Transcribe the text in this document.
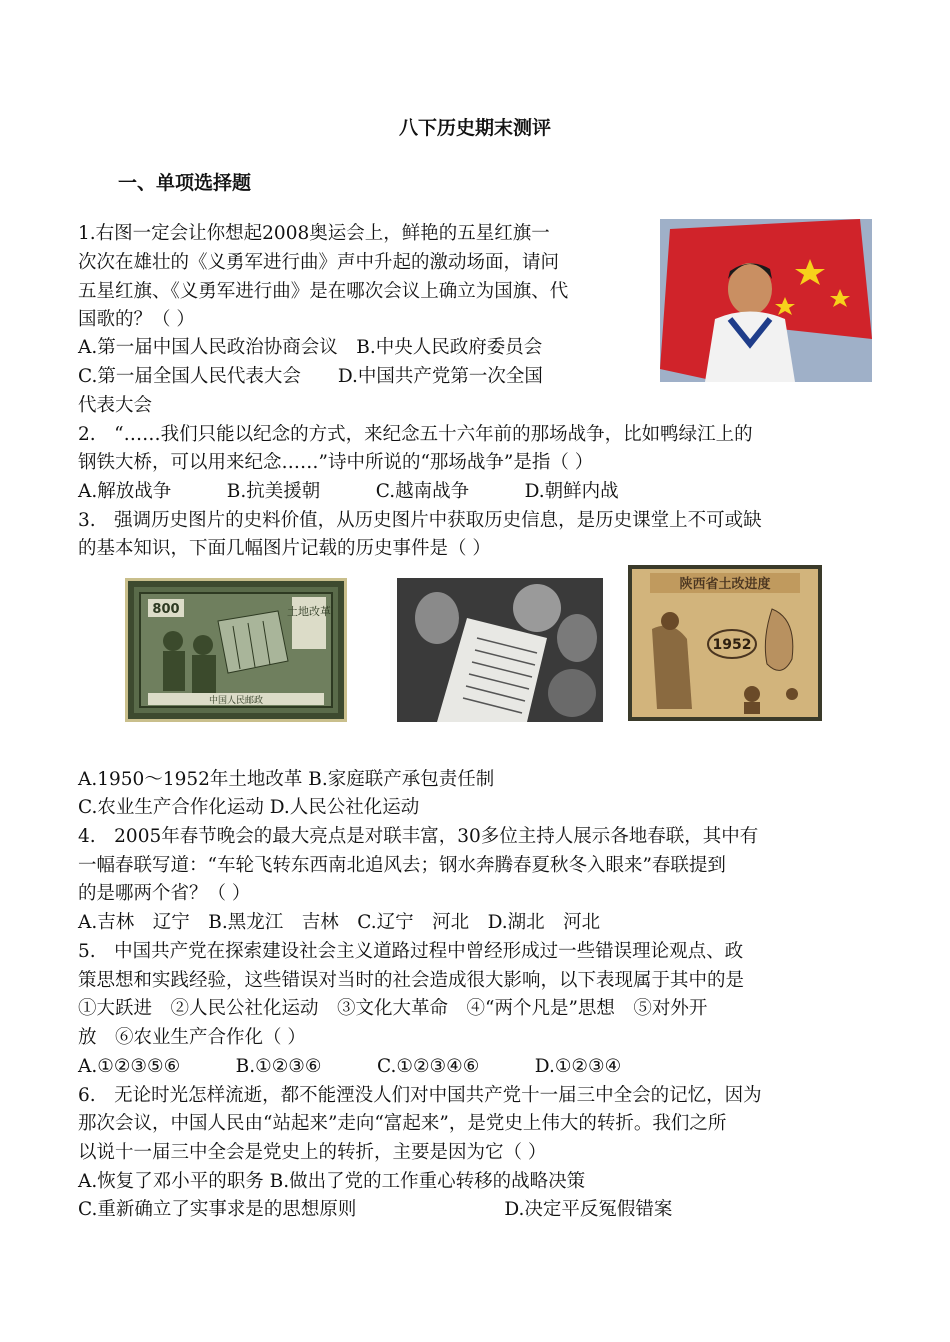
八下历史期末测评
一、单项选择题
1.右图一定会让你想起2008奥运会上，鲜艳的五星红旗一
次次在雄壮的《义勇军进行曲》声中升起的激动场面，请问
五星红旗、《义勇军进行曲》是在哪次会议上确立为国旗、代
国歌的？（ ）
A.第一届中国人民政治协商会议　B.中央人民政府委员会
C.第一届全国人民代表大会　　D.中国共产党第一次全国
代表大会
2.　“……我们只能以纪念的方式，来纪念五十六年前的那场战争，比如鸭绿江上的
钢铁大桥，可以用来纪念……”诗中所说的“那场战争”是指（ ）
A.解放战争　　　B.抗美援朝　　　C.越南战争　　　D.朝鲜内战
3.　强调历史图片的史料价值，从历史图片中获取历史信息，是历史课堂上不可或缺
的基本知识，下面几幅图片记载的历史事件是（ ）
800	土地改革
中国人民邮政
陕西省土改进度
1952
A.1950～1952年土地改革 B.家庭联产承包责任制
C.农业生产合作化运动 D.人民公社化运动
4.　2005年春节晚会的最大亮点是对联丰富，30多位主持人展示各地春联，其中有
一幅春联写道：“车轮飞转东西南北追风去；钢水奔腾春夏秋冬入眼来”春联提到
的是哪两个省？（ ）
A.吉林　辽宁　B.黑龙江　吉林　C.辽宁　河北　D.湖北　河北
5.　中国共产党在探索建设社会主义道路过程中曾经形成过一些错误理论观点、政
策思想和实践经验，这些错误对当时的社会造成很大影响，以下表现属于其中的是
①大跃进　②人民公社化运动　③文化大革命　④“两个凡是”思想　⑤对外开
放　⑥农业生产合作化（ ）
A.①②③⑤⑥　　　B.①②③⑥　　　C.①②③④⑥　　　D.①②③④
6.　无论时光怎样流逝，都不能湮没人们对中国共产党十一届三中全会的记忆，因为
那次会议，中国人民由“站起来”走向“富起来”，是党史上伟大的转折。我们之所
以说十一届三中全会是党史上的转折，主要是因为它（ ）
A.恢复了邓小平的职务 B.做出了党的工作重心转移的战略决策
C.重新确立了实事求是的思想原则　　　　　　　　D.决定平反冤假错案
